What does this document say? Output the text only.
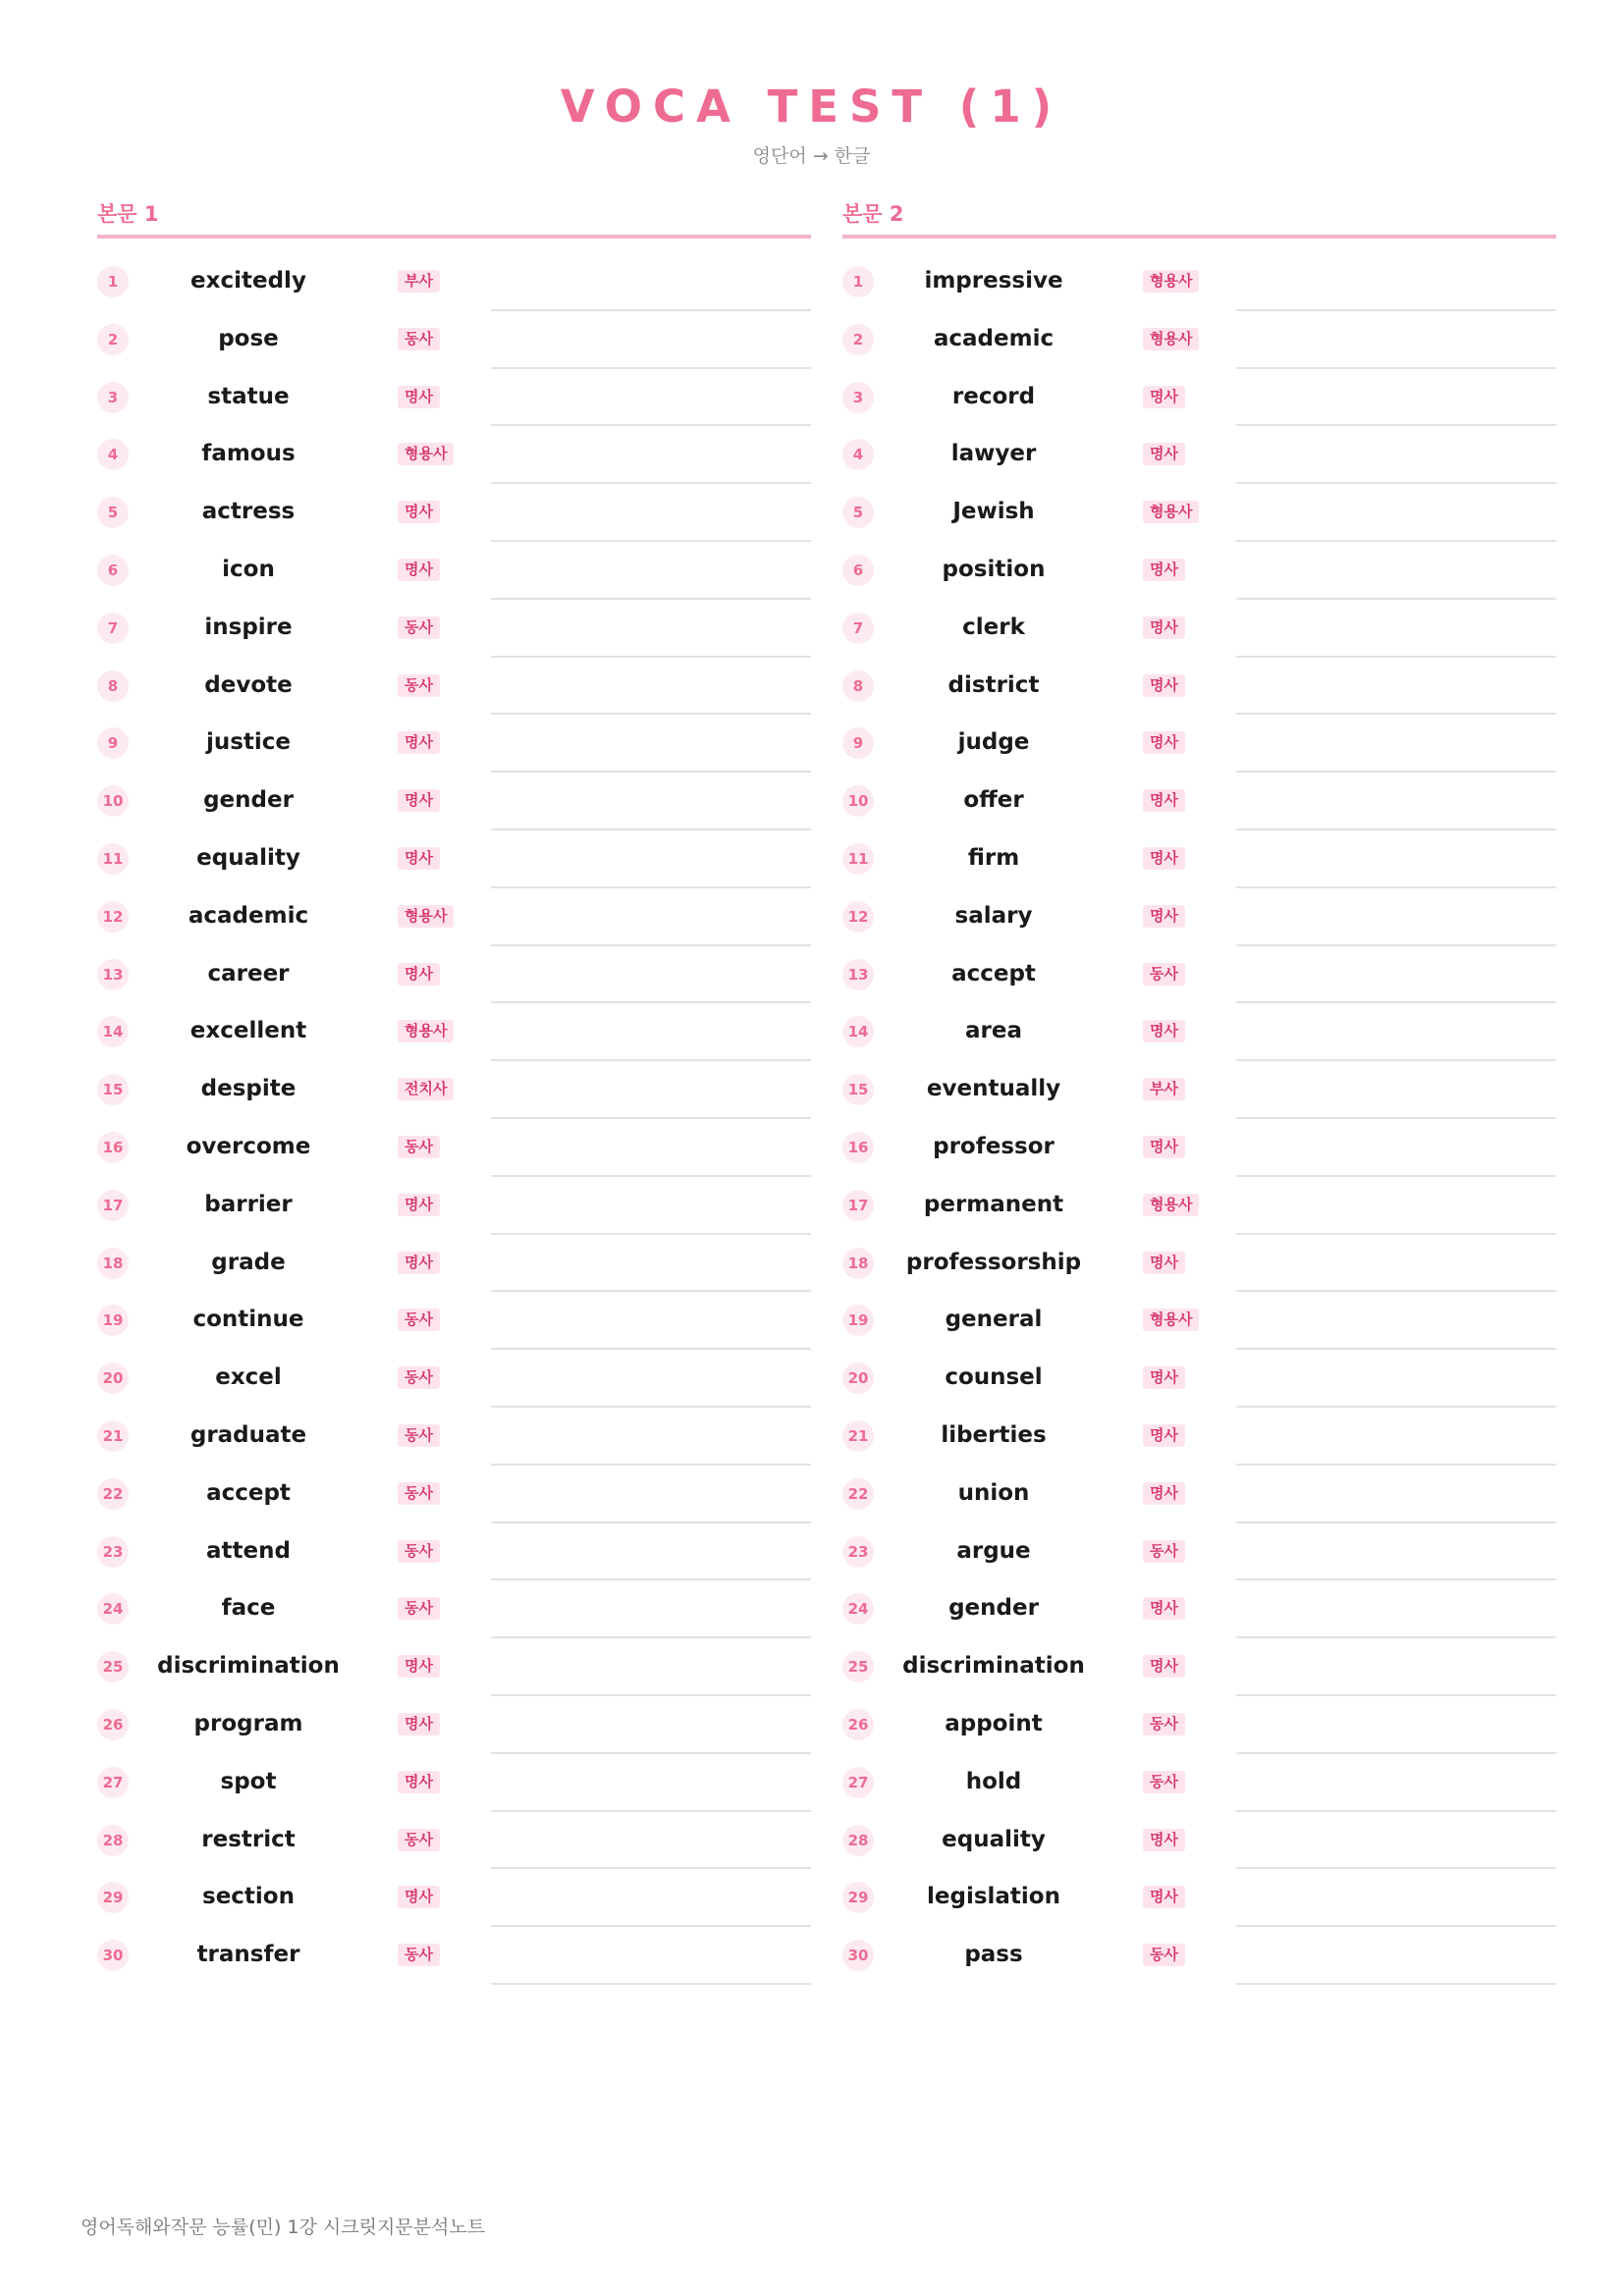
VOCA TEST (1)
영단어 → 한글
본문 1
1	excitedly	부사
2	pose	동사
3	statue	명사
4	famous	형용사
5	actress	명사
6	icon	명사
7	inspire	동사
8	devote	동사
9	justice	명사
10	gender	명사
11	equality	명사
12	academic	형용사
13	career	명사
14	excellent	형용사
15	despite	전치사
16	overcome	동사
17	barrier	명사
18	grade	명사
19	continue	동사
20	excel	동사
21	graduate	동사
22	accept	동사
23	attend	동사
24	face	동사
25 discrimination	명사
26	program	명사
27	spot	명사
28	restrict	동사
29	section	명사
30	transfer	동사
본문 2
1	impressive	형용사
2	academic	형용사
3	record	명사
4	lawyer	명사
5	Jewish	형용사
6	position	명사
7	clerk	명사
8	district	명사
9	judge	명사
10	offer	명사
11	firm	명사
12	salary	명사
13	accept	동사
14	area	명사
15	eventually	부사
16	professor	명사
17	permanent	형용사
18 professorship	명사
19	general	형용사
20	counsel	명사
21	liberties	명사
22	union	명사
23	argue	동사
24	gender	명사
25 discrimination	명사
26	appoint	동사
27	hold	동사
28	equality	명사
29	legislation	명사
30	pass	동사
영어독해와작문 능률(민) 1강 시크릿지문분석노트
